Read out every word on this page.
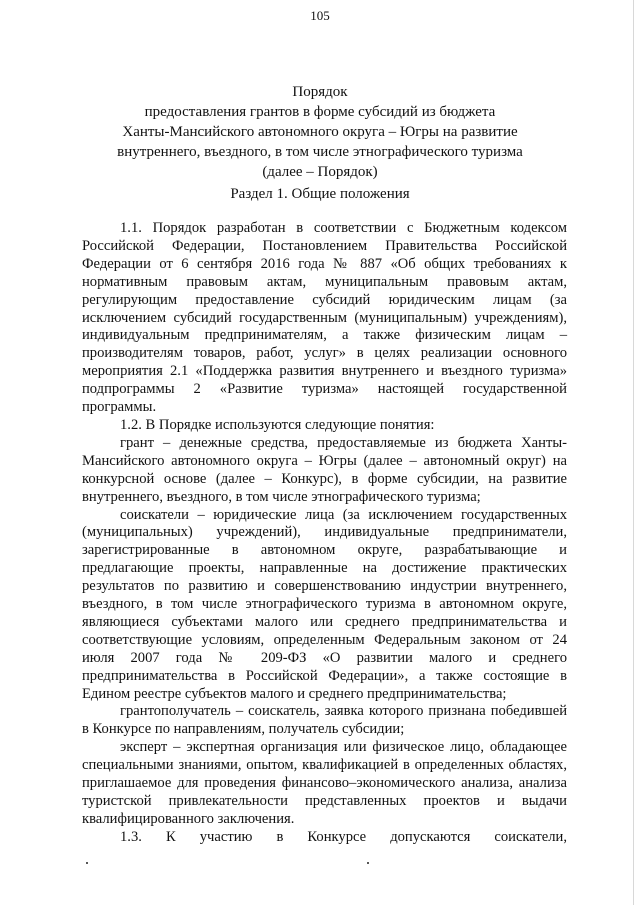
105
Порядок
предоставления грантов в форме субсидий из бюджета
Ханты-Мансийского автономного округа – Югры на развитие
внутреннего, въездного, в том числе этнографического туризма
(далее – Порядок)
Раздел 1. Общие положения

1.1. Порядок разработан в соответствии с Бюджетным кодексом Российской Федерации, Постановлением Правительства Российской Федерации от 6 сентября 2016 года № 887 «Об общих требованиях к нормативным правовым актам, муниципальным правовым актам, регулирующим предоставление субсидий юридическим лицам (за исключением субсидий государственным (муниципальным) учреждениям), индивидуальным предпринимателям, а также физическим лицам – производителям товаров, работ, услуг» в целях реализации основного мероприятия 2.1 «Поддержка развития внутреннего и въездного туризма» подпрограммы 2 «Развитие туризма» настоящей государственной программы.

1.2. В Порядке используются следующие понятия:

грант – денежные средства, предоставляемые из бюджета Ханты-Мансийского автономного округа – Югры (далее – автономный округ) на конкурсной основе (далее – Конкурс), в форме субсидии, на развитие внутреннего, въездного, в том числе этнографического туризма;

соискатели – юридические лица (за исключением государственных (муниципальных) учреждений), индивидуальные предприниматели, зарегистрированные в автономном округе, разрабатывающие и предлагающие проекты, направленные на достижение практических результатов по развитию и совершенствованию индустрии внутреннего, въездного, в том числе этнографического туризма в автономном округе, являющиеся субъектами малого или среднего предпринимательства и соответствующие условиям, определенным Федеральным законом от 24 июля 2007 года № 209-ФЗ «О развитии малого и среднего предпринимательства в Российской Федерации», а также состоящие в Едином реестре субъектов малого и среднего предпринимательства;

грантополучатель – соискатель, заявка которого признана победившей в Конкурсе по направлениям, получатель субсидии;

эксперт – экспертная организация или физическое лицо, обладающее специальными знаниями, опытом, квалификацией в определенных областях, приглашаемое для проведения финансово–экономического анализа, анализа туристской привлекательности представленных проектов и выдачи квалифицированного заключения.

1.3. К участию в Конкурсе допускаются соискатели,
